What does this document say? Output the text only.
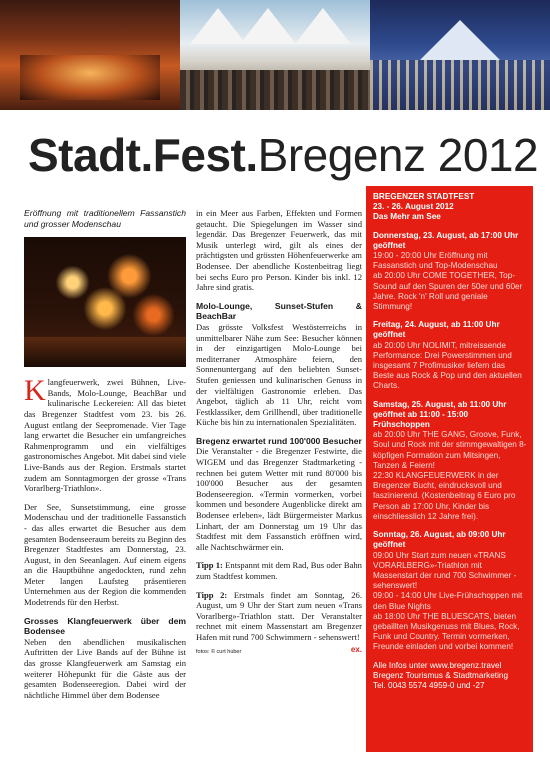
Stadt.Fest.Bregenz 2012
Eröffnung mit traditionellem Fassanstich und grosser Modenschau

Klangfeuerwerk, zwei Bühnen, Live-Bands, Molo-Lounge, BeachBar und kulinarische Leckereien: All das bietet das Bregenzer Stadtfest vom 23. bis 26. August entlang der Seepromenade. Vier Tage lang erwartet die Besucher ein umfangreiches Rahmenprogramm und ein vielfältiges gastronomisches Angebot. Mit dabei sind viele Live-Bands aus der Region. Erstmals startet zudem am Sonntagmorgen der grosse «Trans Vorarlberg-Triathlon».

Der See, Sunsetstimmung, eine grosse Modenschau und der traditionelle Fassanstich - das alles erwartet die Besucher aus dem gesamten Bodenseeraum bereits zu Beginn des Bregenzer Stadtfestes am Donnerstag, 23. August, in den Seeanlagen. Auf einem eigens an die Hauptbühne angedockten, rund zehn Meter langen Laufsteg präsentieren Unternehmen aus der Region die kommenden Modetrends für den Herbst.

Grosses Klangfeuerwerk über dem Bodensee

Neben den abendlichen musikalischen Auftritten der Live Bands auf der Bühne ist das grosse Klangfeuerwerk am Samstag ein weiterer Höhepunkt für die Gäste aus der gesamten Bodenseeregion. Dabei wird der nächtliche Himmel über dem Bodensee

in ein Meer aus Farben, Effekten und Formen getaucht. Die Spiegelungen im Wasser sind legendär. Das Bregenzer Feuerwerk, das mit Musik unterlegt wird, gilt als eines der prächtigsten und grössten Höhenfeuerwerke am Bodensee. Der abendliche Kostenbeitrag liegt bei sechs Euro pro Person. Kinder bis inkl. 12 Jahre sind gratis.

Molo-Lounge, Sunset-Stufen & BeachBar

Das grösste Volksfest Westösterreichs in unmittelbarer Nähe zum See: Besucher können in der einzigartigen Molo-Lounge bei mediterraner Atmosphäre feiern, den Sonnenuntergang auf den beliebten Sunset-Stufen geniessen und kulinarischen Genuss in der vielfältigen Gastronomie erleben. Das Angebot, täglich ab 11 Uhr, reicht vom Festklassiker, dem Grillhendl, über traditionelle Küche bis hin zu internationalen Spezialitäten.

Bregenz erwartet rund 100'000 Besucher

Die Veranstalter - die Bregenzer Festwirte, die WIGEM und das Bregenzer Stadtmarketing - rechnen bei gutem Wetter mit rund 80'000 bis 100'000 Besucher aus der gesamten Bodenseeregion. «Termin vormerken, vorbei kommen und besondere Augenblicke direkt am Bodensee erleben», lädt Bürgermeister Markus Linhart, der am Donnerstag um 19 Uhr das Stadtfest mit dem Fassanstich eröffnen wird, alle Nachtschwärmer ein.

Tipp 1: Entspannt mit dem Rad, Bus oder Bahn zum Stadtfest kommen.

Tipp 2: Erstmals findet am Sonntag, 26. August, um 9 Uhr der Start zum neuen «Trans Vorarlberg»-Triathlon statt. Der Veranstalter rechnet mit einem Massenstart am Bregenzer Hafen mit rund 700 Schwimmern - sehenswert!

fotos: © curt huber	ex.
BREGENZER STADTFEST
23. - 26. August 2012
Das Mehr am See
Donnerstag, 23. August, ab 17:00 Uhr geöffnet
19:00 - 20:00 Uhr Eröffnung mit Fassanstich und Top-Modenschau
ab 20:00 Uhr COME TOGETHER, Top-Sound auf den Spuren der 50er und 60er Jahre. Rock 'n' Roll und geniale Stimmung!
Freitag, 24. August, ab 11:00 Uhr geöffnet
ab 20:00 Uhr NOLIMIT, mitreissende Performance: Drei Powerstimmen und insgesamt 7 Profimusiker liefern das Beste aus Rock & Pop und den aktuellen Charts.
Samstag, 25. August, ab 11:00 Uhr geöffnet ab 11:00 - 15:00 Frühschoppen
ab 20:00 Uhr THE GANG, Groove, Funk, Soul und Rock mit der stimmgewaltigen 8-köpfigen Formation zum Mitsingen, Tanzen & Feiern!
22:30 KLANGFEUERWERK in der Bregenzer Bucht, eindrucksvoll und faszinierend. (Kostenbeitrag 6 Euro pro Person ab 17:00 Uhr, Kinder bis einschliesslich 12 Jahre frei).
Sonntag, 26. August, ab 09:00 Uhr geöffnet
09:00 Uhr Start zum neuen «TRANS VORARLBERG»-Triathlon mit Massenstart der rund 700 Schwimmer - sehenswert!
09:00 - 14:00 Uhr Live-Frühschoppen mit den Blue Nights
ab 18:00 Uhr THE BLUESCATS, bieten gebaillten Musikgenuss mit Blues, Rock, Funk und Country. Termin vormerken, Freunde einladen und vorbei kommen!
Alle Infos unter www.bregenz.travel
Bregenz Tourismus & Stadtmarketing
Tel. 0043 5574 4959-0 und -27
